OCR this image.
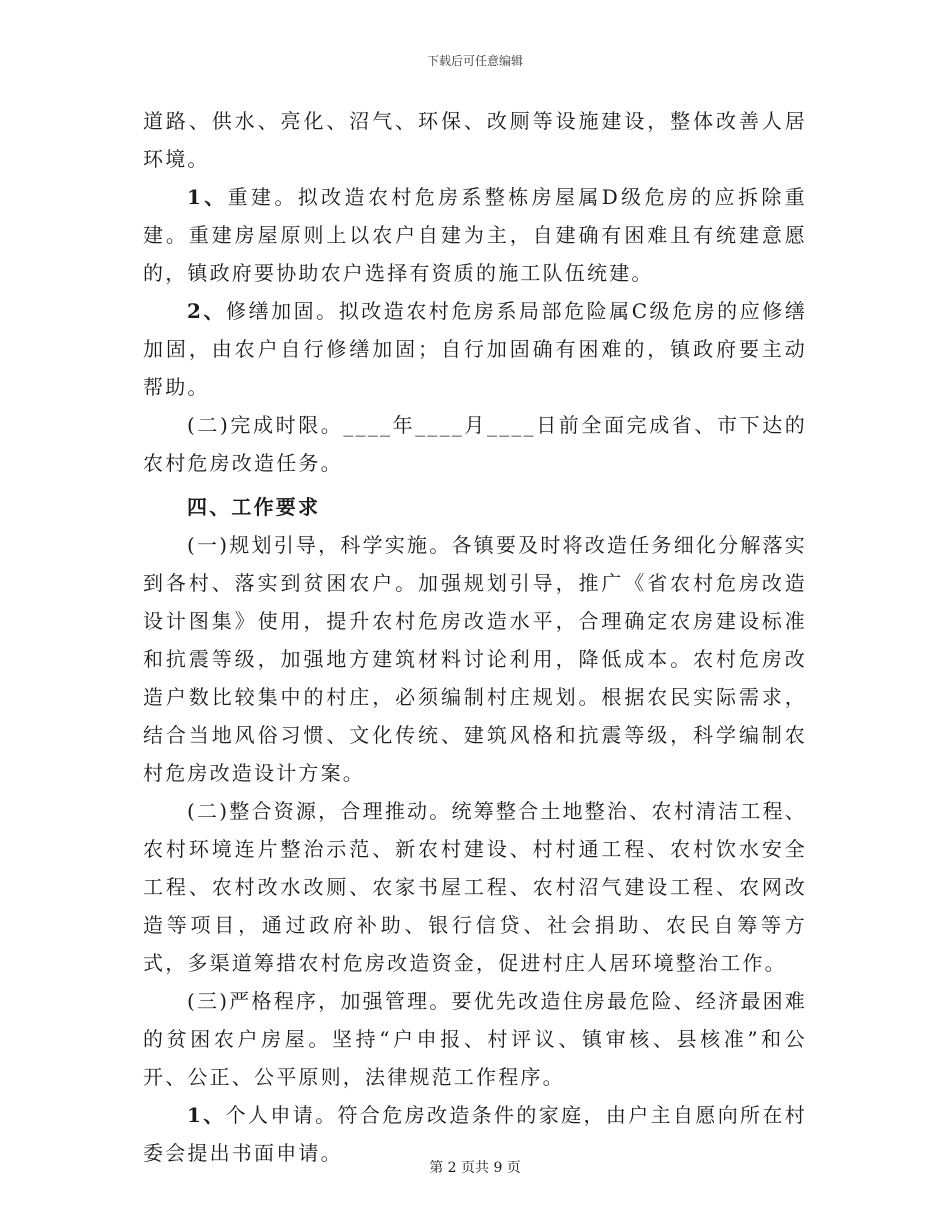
下载后可任意编辑

道路、供水、亮化、沼气、环保、改厕等设施建设，整体改善人居环境。

1、重建。拟改造农村危房系整栋房屋属D级危房的应拆除重建。重建房屋原则上以农户自建为主，自建确有困难且有统建意愿的，镇政府要协助农户选择有资质的施工队伍统建。

2、修缮加固。拟改造农村危房系局部危险属C级危房的应修缮加固，由农户自行修缮加固；自行加固确有困难的，镇政府要主动帮助。

(二)完成时限。____年____月____日前全面完成省、市下达的农村危房改造任务。

四、工作要求

(一)规划引导，科学实施。各镇要及时将改造任务细化分解落实到各村、落实到贫困农户。加强规划引导，推广《省农村危房改造设计图集》使用，提升农村危房改造水平，合理确定农房建设标准和抗震等级，加强地方建筑材料讨论利用，降低成本。农村危房改造户数比较集中的村庄，必须编制村庄规划。根据农民实际需求，结合当地风俗习惯、文化传统、建筑风格和抗震等级，科学编制农村危房改造设计方案。

(二)整合资源，合理推动。统筹整合土地整治、农村清洁工程、农村环境连片整治示范、新农村建设、村村通工程、农村饮水安全工程、农村改水改厕、农家书屋工程、农村沼气建设工程、农网改造等项目，通过政府补助、银行信贷、社会捐助、农民自筹等方式，多渠道筹措农村危房改造资金，促进村庄人居环境整治工作。

(三)严格程序，加强管理。要优先改造住房最危险、经济最困难的贫困农户房屋。坚持“户申报、村评议、镇审核、县核准”和公开、公正、公平原则，法律规范工作程序。

1、个人申请。符合危房改造条件的家庭，由户主自愿向所在村委会提出书面申请。

第 2 页共 9 页
